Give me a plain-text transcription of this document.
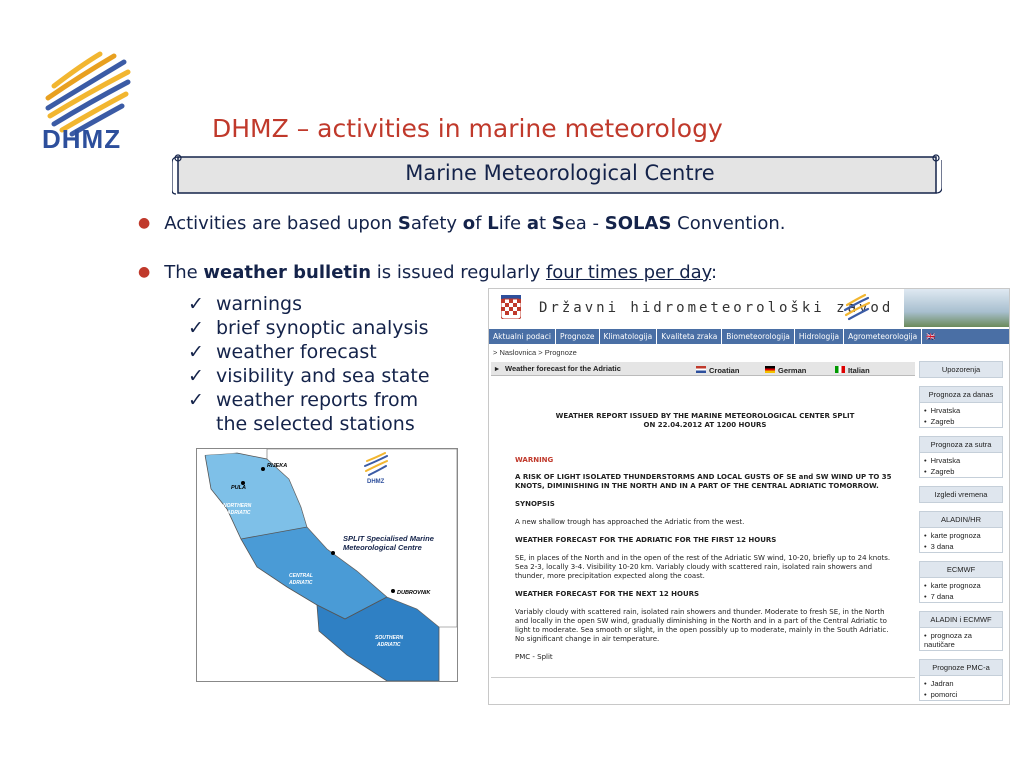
DHMZ	DHMZ – activities in marine meteorology
Marine Meteorological Centre
● Activities are based upon Safety of Life at Sea - SOLAS Convention.
● The weather bulletin is issued regularly four times per day:
✓ warnings
✓ brief synoptic analysis
✓ weather forecast
✓ visibility and sea state
✓ weather reports from
the selected stations
RIJEKA
PULA
NORTHERN
ADRIATIC
SPLIT Specialised Marine
Meteorological Centre
CENTRAL
ADRIATIC
DUBROVNIK
SOUTHERN
ADRIATIC
DHMZ
Državni hidrometeorološki zavod
Aktualni podaci	Prognoze	Klimatologija	Kvaliteta zraka	Biometeorologija	Hidrologija	Agrometeorologija	🇬🇧
> Naslovnica > Prognoze
▸ Weather forecast for the Adriatic	Croatian	German	Italian
WEATHER REPORT ISSUED BY THE MARINE METEOROLOGICAL CENTER SPLIT
ON 22.04.2012 AT 1200 HOURS
WARNING
A RISK OF LIGHT ISOLATED THUNDERSTORMS AND LOCAL GUSTS OF SE and SW WIND UP TO 35 KNOTS, DIMINISHING IN THE NORTH AND IN A PART OF THE CENTRAL ADRIATIC TOMORROW.
SYNOPSIS
A new shallow trough has approached the Adriatic from the west.
WEATHER FORECAST FOR THE ADRIATIC FOR THE FIRST 12 HOURS
SE, in places of the North and in the open of the rest of the Adriatic SW wind, 10-20, briefly up to 24 knots. Sea 2-3, locally 3-4. Visibility 10-20 km. Variably cloudy with scattered rain, isolated rain showers and thunder, more precipitation expected along the coast.
WEATHER FORECAST FOR THE NEXT 12 HOURS
Variably cloudy with scattered rain, isolated rain showers and thunder. Moderate to fresh SE, in the North and locally in the open SW wind, gradually diminishing in the North and in a part of the Central Adriatic to light to moderate. Sea smooth or slight, in the open possibly up to moderate, mainly in the South Adriatic. No significant change in air temperature.
PMC - Split
Upozorenja
Prognoza za danas
• Hrvatska
• Zagreb
Prognoza za sutra
• Hrvatska
• Zagreb
Izgledi vremena
ALADIN/HR
• karte prognoza
• 3 dana
ECMWF
• karte prognoza
• 7 dana
ALADIN i ECMWF
• prognoza za nautičare
Prognoze PMC-a
• Jadran
• pomorci
